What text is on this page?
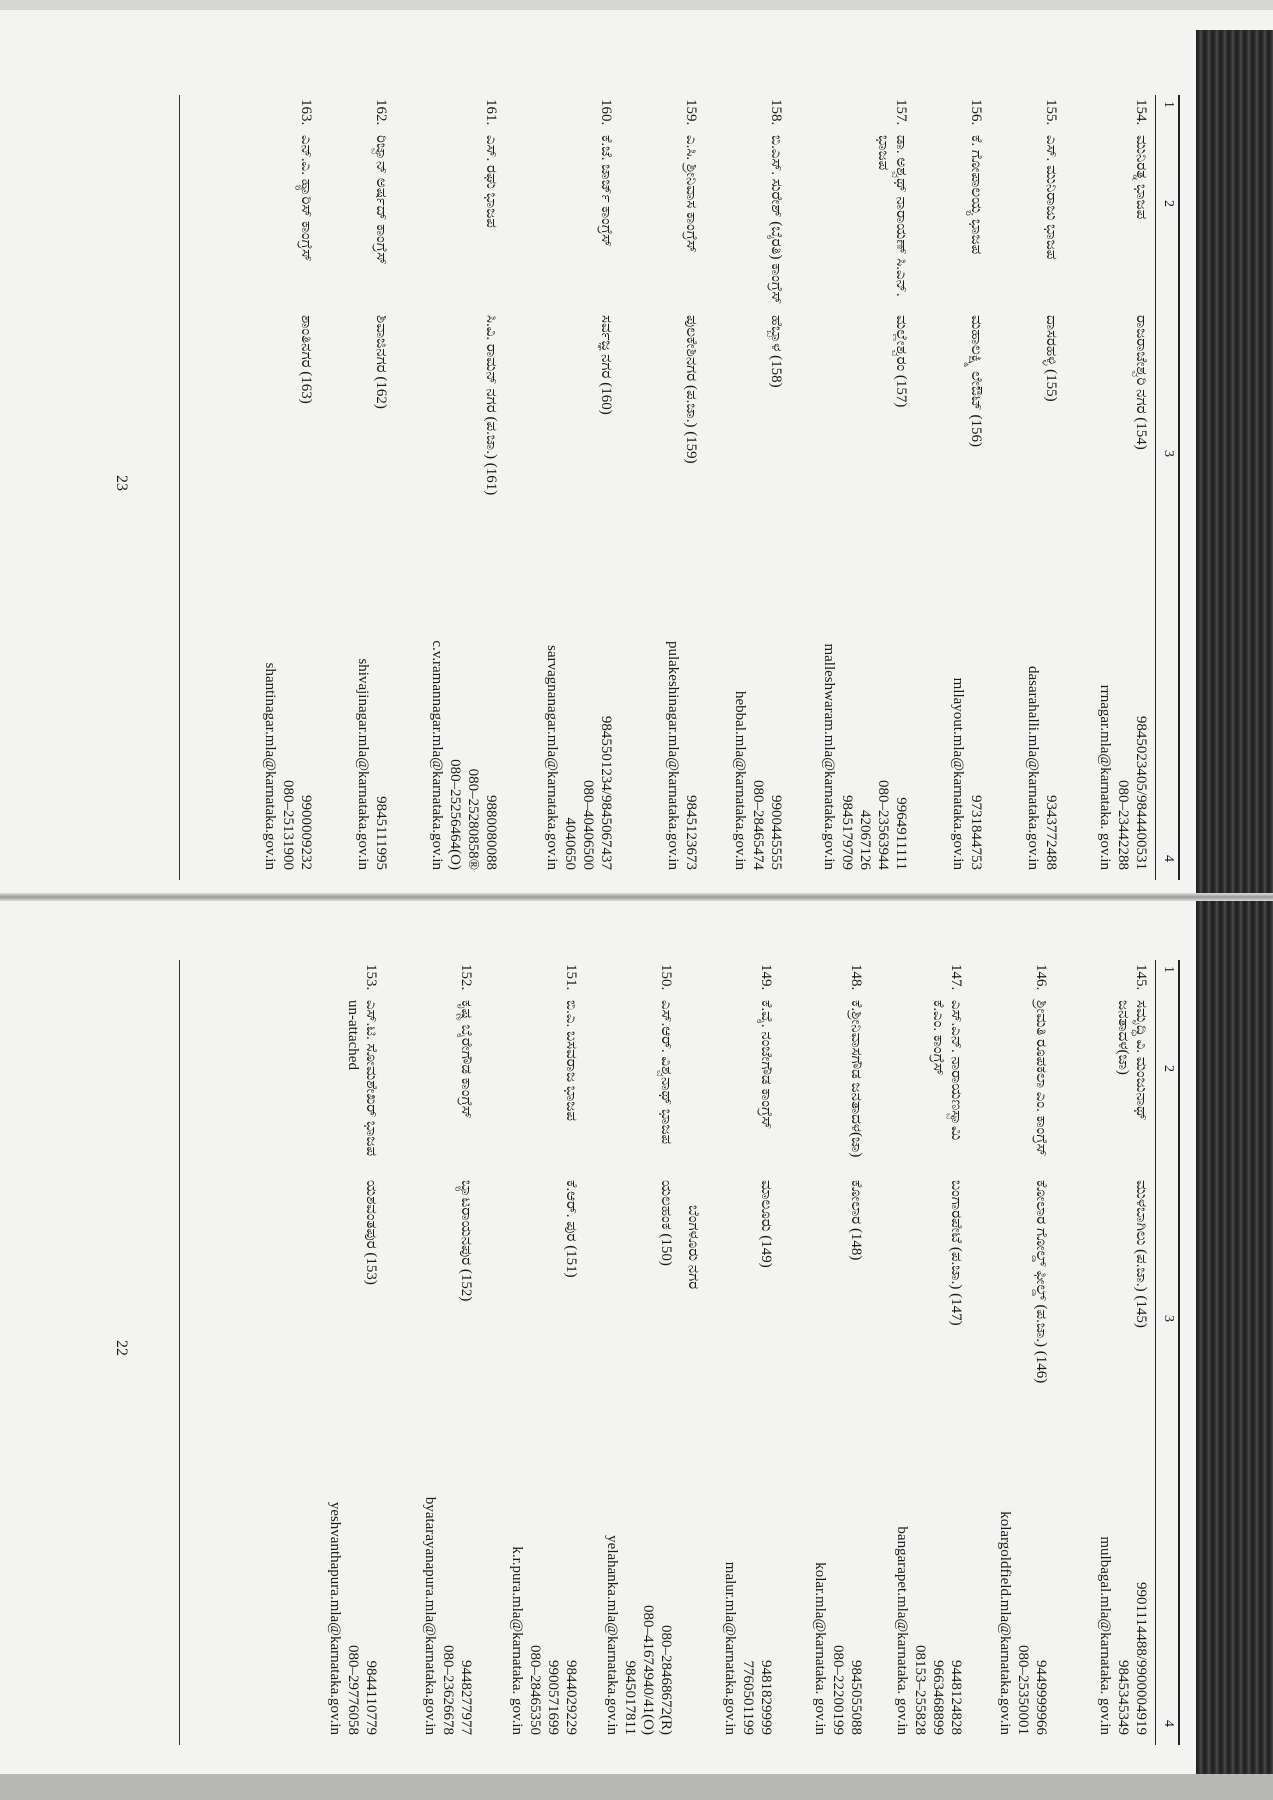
1
2
3
4
154.
ಮುನಿರತ್ನ ಭಾಜಪ
ರಾಜರಾಜೇಶ್ವರಿ ನಗರ (154)
9845023405/9844400531
080–23442288
rrnagar.mla@karnataka. gov.in
155.
ಎಸ್. ಮುನಿರಾಜು ಭಾಜಪ
ದಾಸರಹಳ್ಳಿ (155)
9343772488
dasarahalli.mla@karnataka.gov.in
156.
ಕೆ. ಗೋಪಾಲಯ್ಯ ಭಾಜಪ
ಮಹಾಲಕ್ಷ್ಮಿ ಲೇಔಟ್ (156)
9731844753
mllayout.mla@karnataka.gov.in
157.
ಡಾ. ಅಶ್ವಥ್ ನಾರಾಯಣ್ ಸಿ.ಎನ್. ಭಾಜಪ
ಮಲ್ಲೇಶ್ವರಂ (157)
9964911111
080–23563944
42067126
9845179709
malleshwaram.mla@karnataka.gov.in
158.
ಬಿ.ಎಸ್. ಸುರೇಶ್ (ಬೈರತಿ) ಕಾಂಗ್ರೆಸ್
ಹೆಬ್ಬಾಳ (158)
9900445555
080–28465474
hebbal.mla@karnataka.gov.in
159.
ಎ.ಸಿ. ಶ್ರೀನಿವಾಸ ಕಾಂಗ್ರೆಸ್
ಪುಲಕೇಶಿನಗರ (ಪ.ಜಾ.) (159)
9845123673
pulakeshinagar.mla@karnataka.gov.in
160.
ಕೆ.ಜೆ. ಜಾರ್ಜ್ ಕಾಂಗ್ರೆಸ್
ಸರ್ವಜ್ಞ ನಗರ (160)
9845501234/9845067437
080–40406500
4040650
sarvagnanagar.mla@karnataka.gov.in
161.
ಎಸ್. ರಘು ಭಾಜಪ
ಸಿ.ವಿ. ರಾಮನ್ ನಗರ (ಪ.ಜಾ.) (161)
9880080088
080–25280858®
080–25256464(O)
c.v.ramannagar.mla@karnataka.gov.in
162.
ರಿಜ್ವಾನ್ ಅರ್ಷದ್ ಕಾಂಗ್ರೆಸ್
ಶಿವಾಜಿನಗರ (162)
9845111995
shivajinagar.mla@karnataka.gov.in
163.
ಎನ್.ಎ. ಹ್ಯಾರಿಸ್ ಕಾಂಗ್ರೆಸ್
ಶಾಂತಿನಗರ (163)
9900009232
080–25131900
shantinagar.mla@karnataka.gov.in
23
1
2
3
4
145.
ಸಮೃದ್ಧಿ ವಿ. ಮಂಜುನಾಥ್ ಜನತಾದಳ(ಜಾ)
ಮುಳಬಾಗಿಲು (ಪ.ಜಾ.) (145)
9901114488/9900004919
9845345349
mulbagal.mla@karnataka. gov.in
146.
ಶ್ರೀಮತಿ ರೂಪಕಲಾ ಎಂ. ಕಾಂಗ್ರೆಸ್
ಕೋಲಾರ ಗೋಲ್ಡ್ ಫೀಲ್ಡ್ (ಪ.ಜಾ.) (146)
9449999966
080–25350001
kolargoldfield.mla@karnataka.gov.in
147.
ಎಸ್.ಎನ್. ನಾರಾಯಣಸ್ವಾಮಿ ಕೆ.ಎಂ. ಕಾಂಗ್ರೆಸ್
ಬಂಗಾರಪೇಟೆ (ಪ.ಜಾ.) (147)
9448124828
9663468899
08153–255828
bangarapet.mla@karnataka. gov.in
148.
ಕೆ.ಶ್ರೀನಿವಾಸಗೌಡ ಜನತಾದಳ(ಜಾ)
ಕೋಲಾರ (148)
9845055088
080–22200199
kolar.mla@karnataka. gov.in
149.
ಕೆ.ವೈ. ನಂಜೇಗೌಡ ಕಾಂಗ್ರೆಸ್
ಮಾಲೂರು (149)
9481829999
7760501199
malur.mla@karnataka.gov.in
150.
ಎಸ್.ಆರ್. ವಿಶ್ವನಾಥ್ ಭಾಜಪ
ಯಲಹಂಕ (150)
080–28468672(R)
080–41674940/41(O)
9845017811
yelahanka.mla@karnataka.gov.in
151.
ಬಿ.ಎ. ಬಸವರಾಜ ಭಾಜಪ
ಕೆ.ಆರ್. ಪುರ (151)
9844029229
9900571699
080–28465350
k.r.pura.mla@karnataka. gov.in
152.
ಕೃಷ್ಣ ಬೈರೇಗೌಡ ಕಾಂಗ್ರೆಸ್
ಬ್ಯಾಟರಾಯನಪುರ (152)
9448277977
080–23626678
byatarayanapura.mla@karnataka.gov.in
153.
ಎಸ್.ಟಿ. ಸೋಮಶೇಖರ್ ಭಾಜಪ un-attached
ಯಶವಂತಪುರ (153)
9844110779
080–29776058
yeshvanthapura.mla@karnataka.gov.in
ಬೆಂಗಳೂರು ನಗರ
22
